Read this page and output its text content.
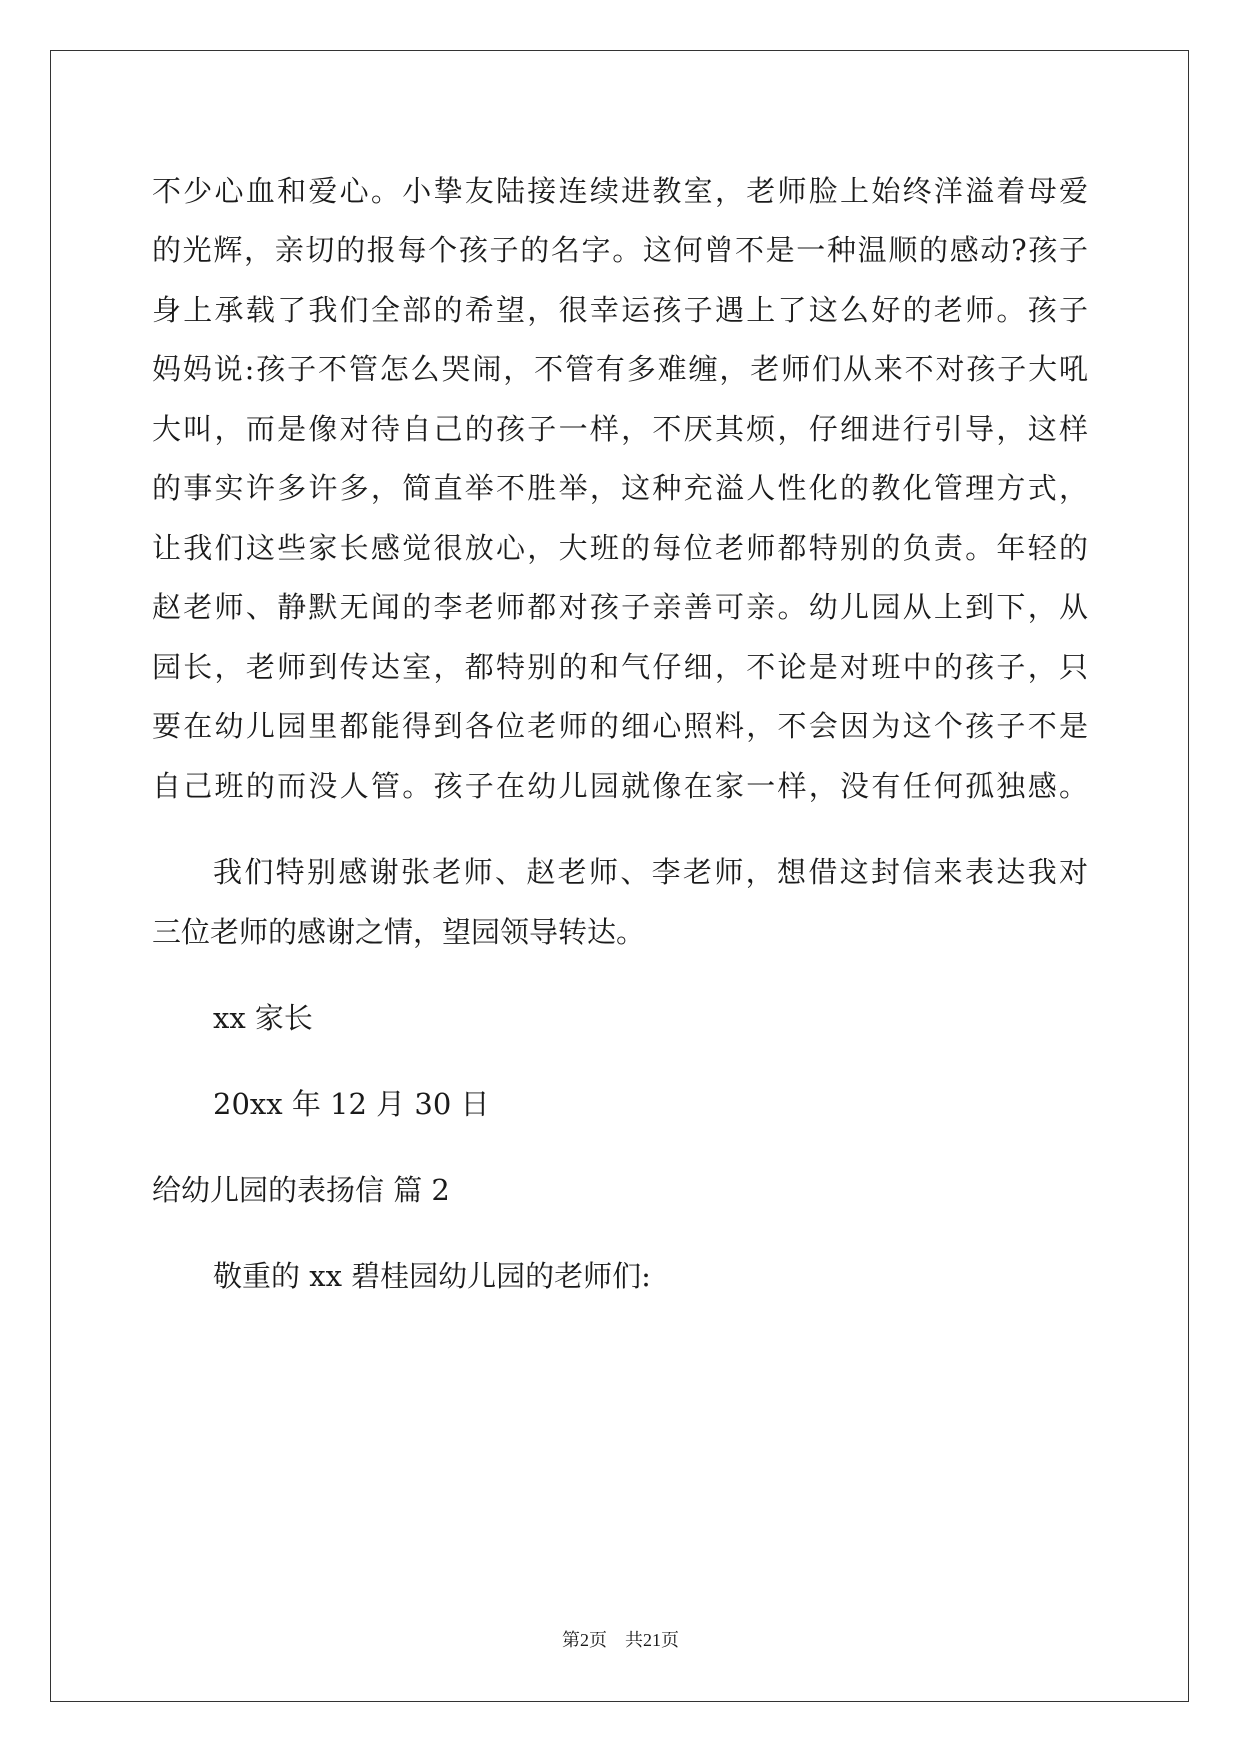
不少心血和爱心。小挚友陆接连续进教室，老师脸上始终洋溢着母爱
的光辉，亲切的报每个孩子的名字。这何曾不是一种温顺的感动?孩子
身上承载了我们全部的希望，很幸运孩子遇上了这么好的老师。孩子
妈妈说:孩子不管怎么哭闹，不管有多难缠，老师们从来不对孩子大吼
大叫，而是像对待自己的孩子一样，不厌其烦，仔细进行引导，这样
的事实许多许多，简直举不胜举，这种充溢人性化的教化管理方式，
让我们这些家长感觉很放心，大班的每位老师都特别的负责。年轻的
赵老师、静默无闻的李老师都对孩子亲善可亲。幼儿园从上到下，从
园长，老师到传达室，都特别的和气仔细，不论是对班中的孩子，只
要在幼儿园里都能得到各位老师的细心照料，不会因为这个孩子不是
自己班的而没人管。孩子在幼儿园就像在家一样，没有任何孤独感。
我们特别感谢张老师、赵老师、李老师，想借这封信来表达我对
三位老师的感谢之情，望园领导转达。
xx 家长
20xx 年 12 月 30 日
给幼儿园的表扬信 篇 2
敬重的 xx 碧桂园幼儿园的老师们:
第2页 共21页
